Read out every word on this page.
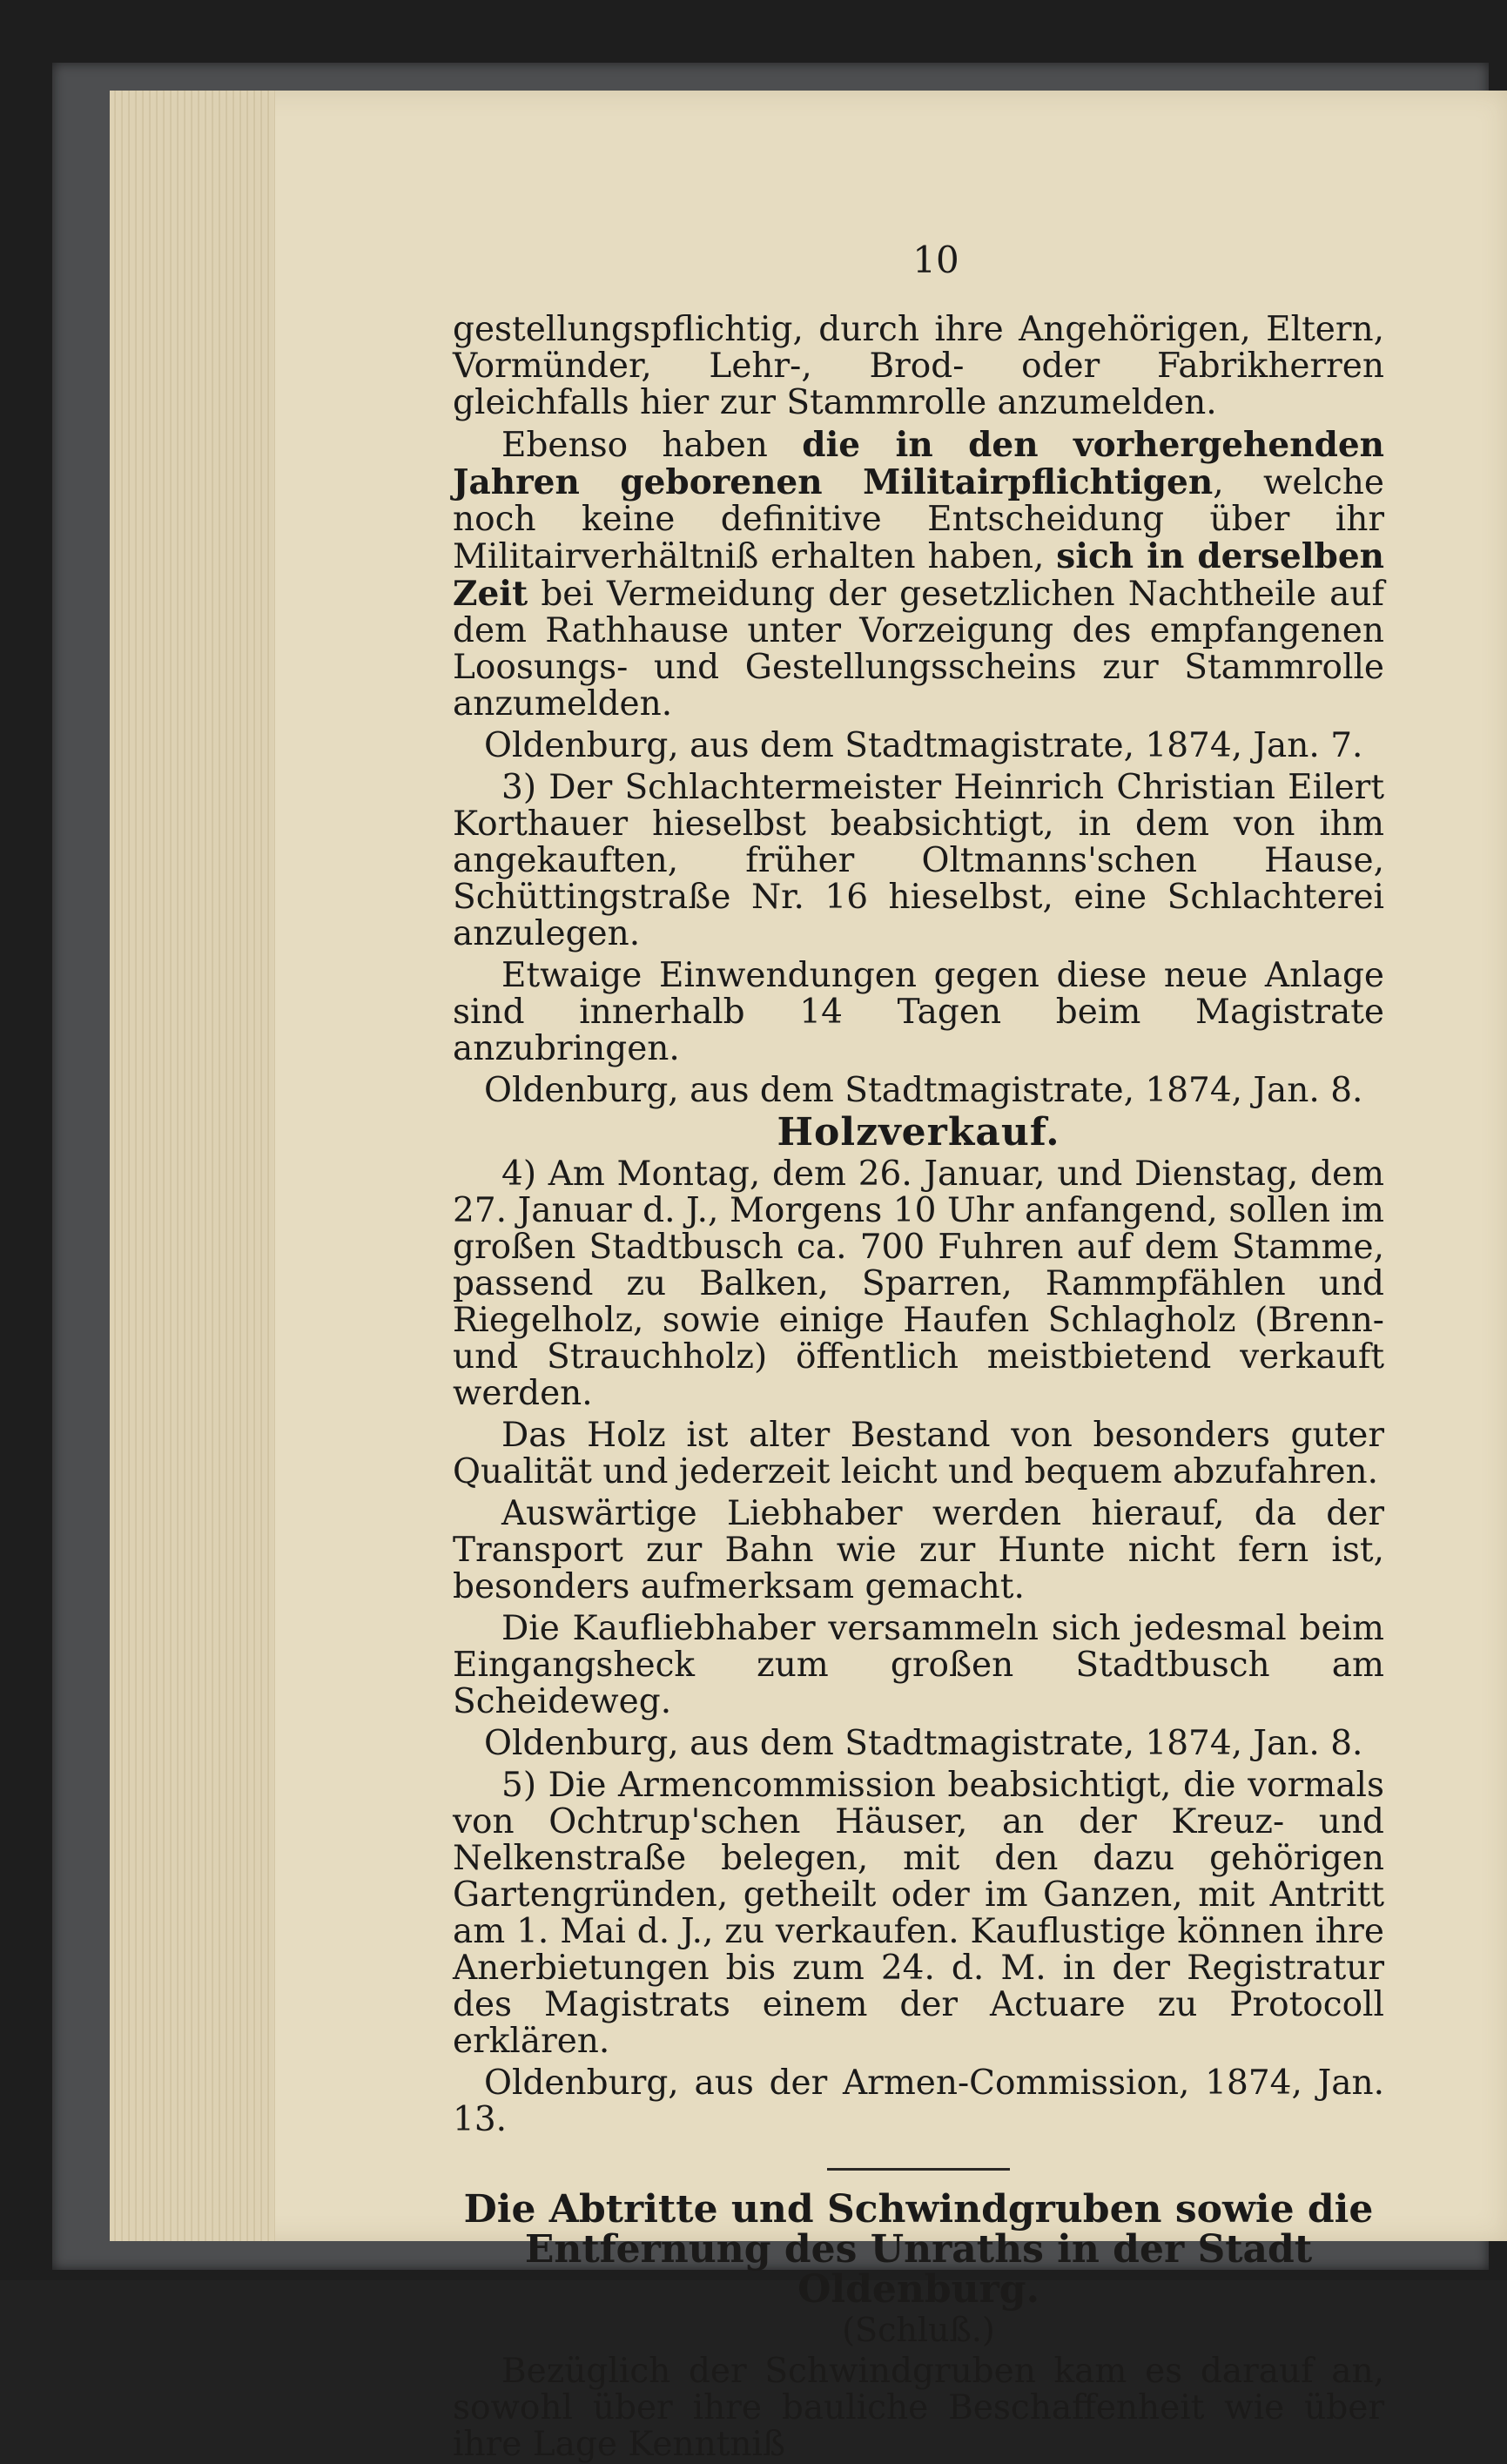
10

gestellungspflichtig, durch ihre Angehörigen, Eltern, Vormünder, Lehr-, Brod- oder Fabrikherren gleichfalls hier zur Stammrolle anzumelden.

Ebenso haben die in den vorhergehenden Jahren geborenen Militairpflichtigen, welche noch keine definitive Entscheidung über ihr Militairverhältniß erhalten haben, sich in derselben Zeit bei Vermeidung der gesetzlichen Nachtheile auf dem Rathhause unter Vorzeigung des empfangenen Loosungs- und Gestellungsscheins zur Stammrolle anzumelden.

Oldenburg, aus dem Stadtmagistrate, 1874, Jan. 7.

3) Der Schlachtermeister Heinrich Christian Eilert Korthauer hieselbst beabsichtigt, in dem von ihm angekauften, früher Oltmanns'schen Hause, Schüttingstraße Nr. 16 hieselbst, eine Schlachterei anzulegen.

Etwaige Einwendungen gegen diese neue Anlage sind innerhalb 14 Tagen beim Magistrate anzubringen.

Oldenburg, aus dem Stadtmagistrate, 1874, Jan. 8.

Holzverkauf.

4) Am Montag, dem 26. Januar, und Dienstag, dem 27. Januar d. J., Morgens 10 Uhr anfangend, sollen im großen Stadtbusch ca. 700 Fuhren auf dem Stamme, passend zu Balken, Sparren, Rammpfählen und Riegelholz, sowie einige Haufen Schlagholz (Brenn- und Strauchholz) öffentlich meistbietend verkauft werden.

Das Holz ist alter Bestand von besonders guter Qualität und jederzeit leicht und bequem abzufahren.

Auswärtige Liebhaber werden hierauf, da der Transport zur Bahn wie zur Hunte nicht fern ist, besonders aufmerksam gemacht.

Die Kaufliebhaber versammeln sich jedesmal beim Eingangsheck zum großen Stadtbusch am Scheideweg.

Oldenburg, aus dem Stadtmagistrate, 1874, Jan. 8.

5) Die Armencommission beabsichtigt, die vormals von Ochtrup'schen Häuser, an der Kreuz- und Nelkenstraße belegen, mit den dazu gehörigen Gartengründen, getheilt oder im Ganzen, mit Antritt am 1. Mai d. J., zu verkaufen. Kauflustige können ihre Anerbietungen bis zum 24. d. M. in der Registratur des Magistrats einem der Actuare zu Protocoll erklären.

Oldenburg, aus der Armen-Commission, 1874, Jan. 13.

Die Abtritte und Schwindgruben sowie die
Entfernung des Unraths in der Stadt Oldenburg.
(Schluß.)

Bezüglich der Schwindgruben kam es darauf an, sowohl über ihre bauliche Beschaffenheit wie über ihre Lage Kenntniß
